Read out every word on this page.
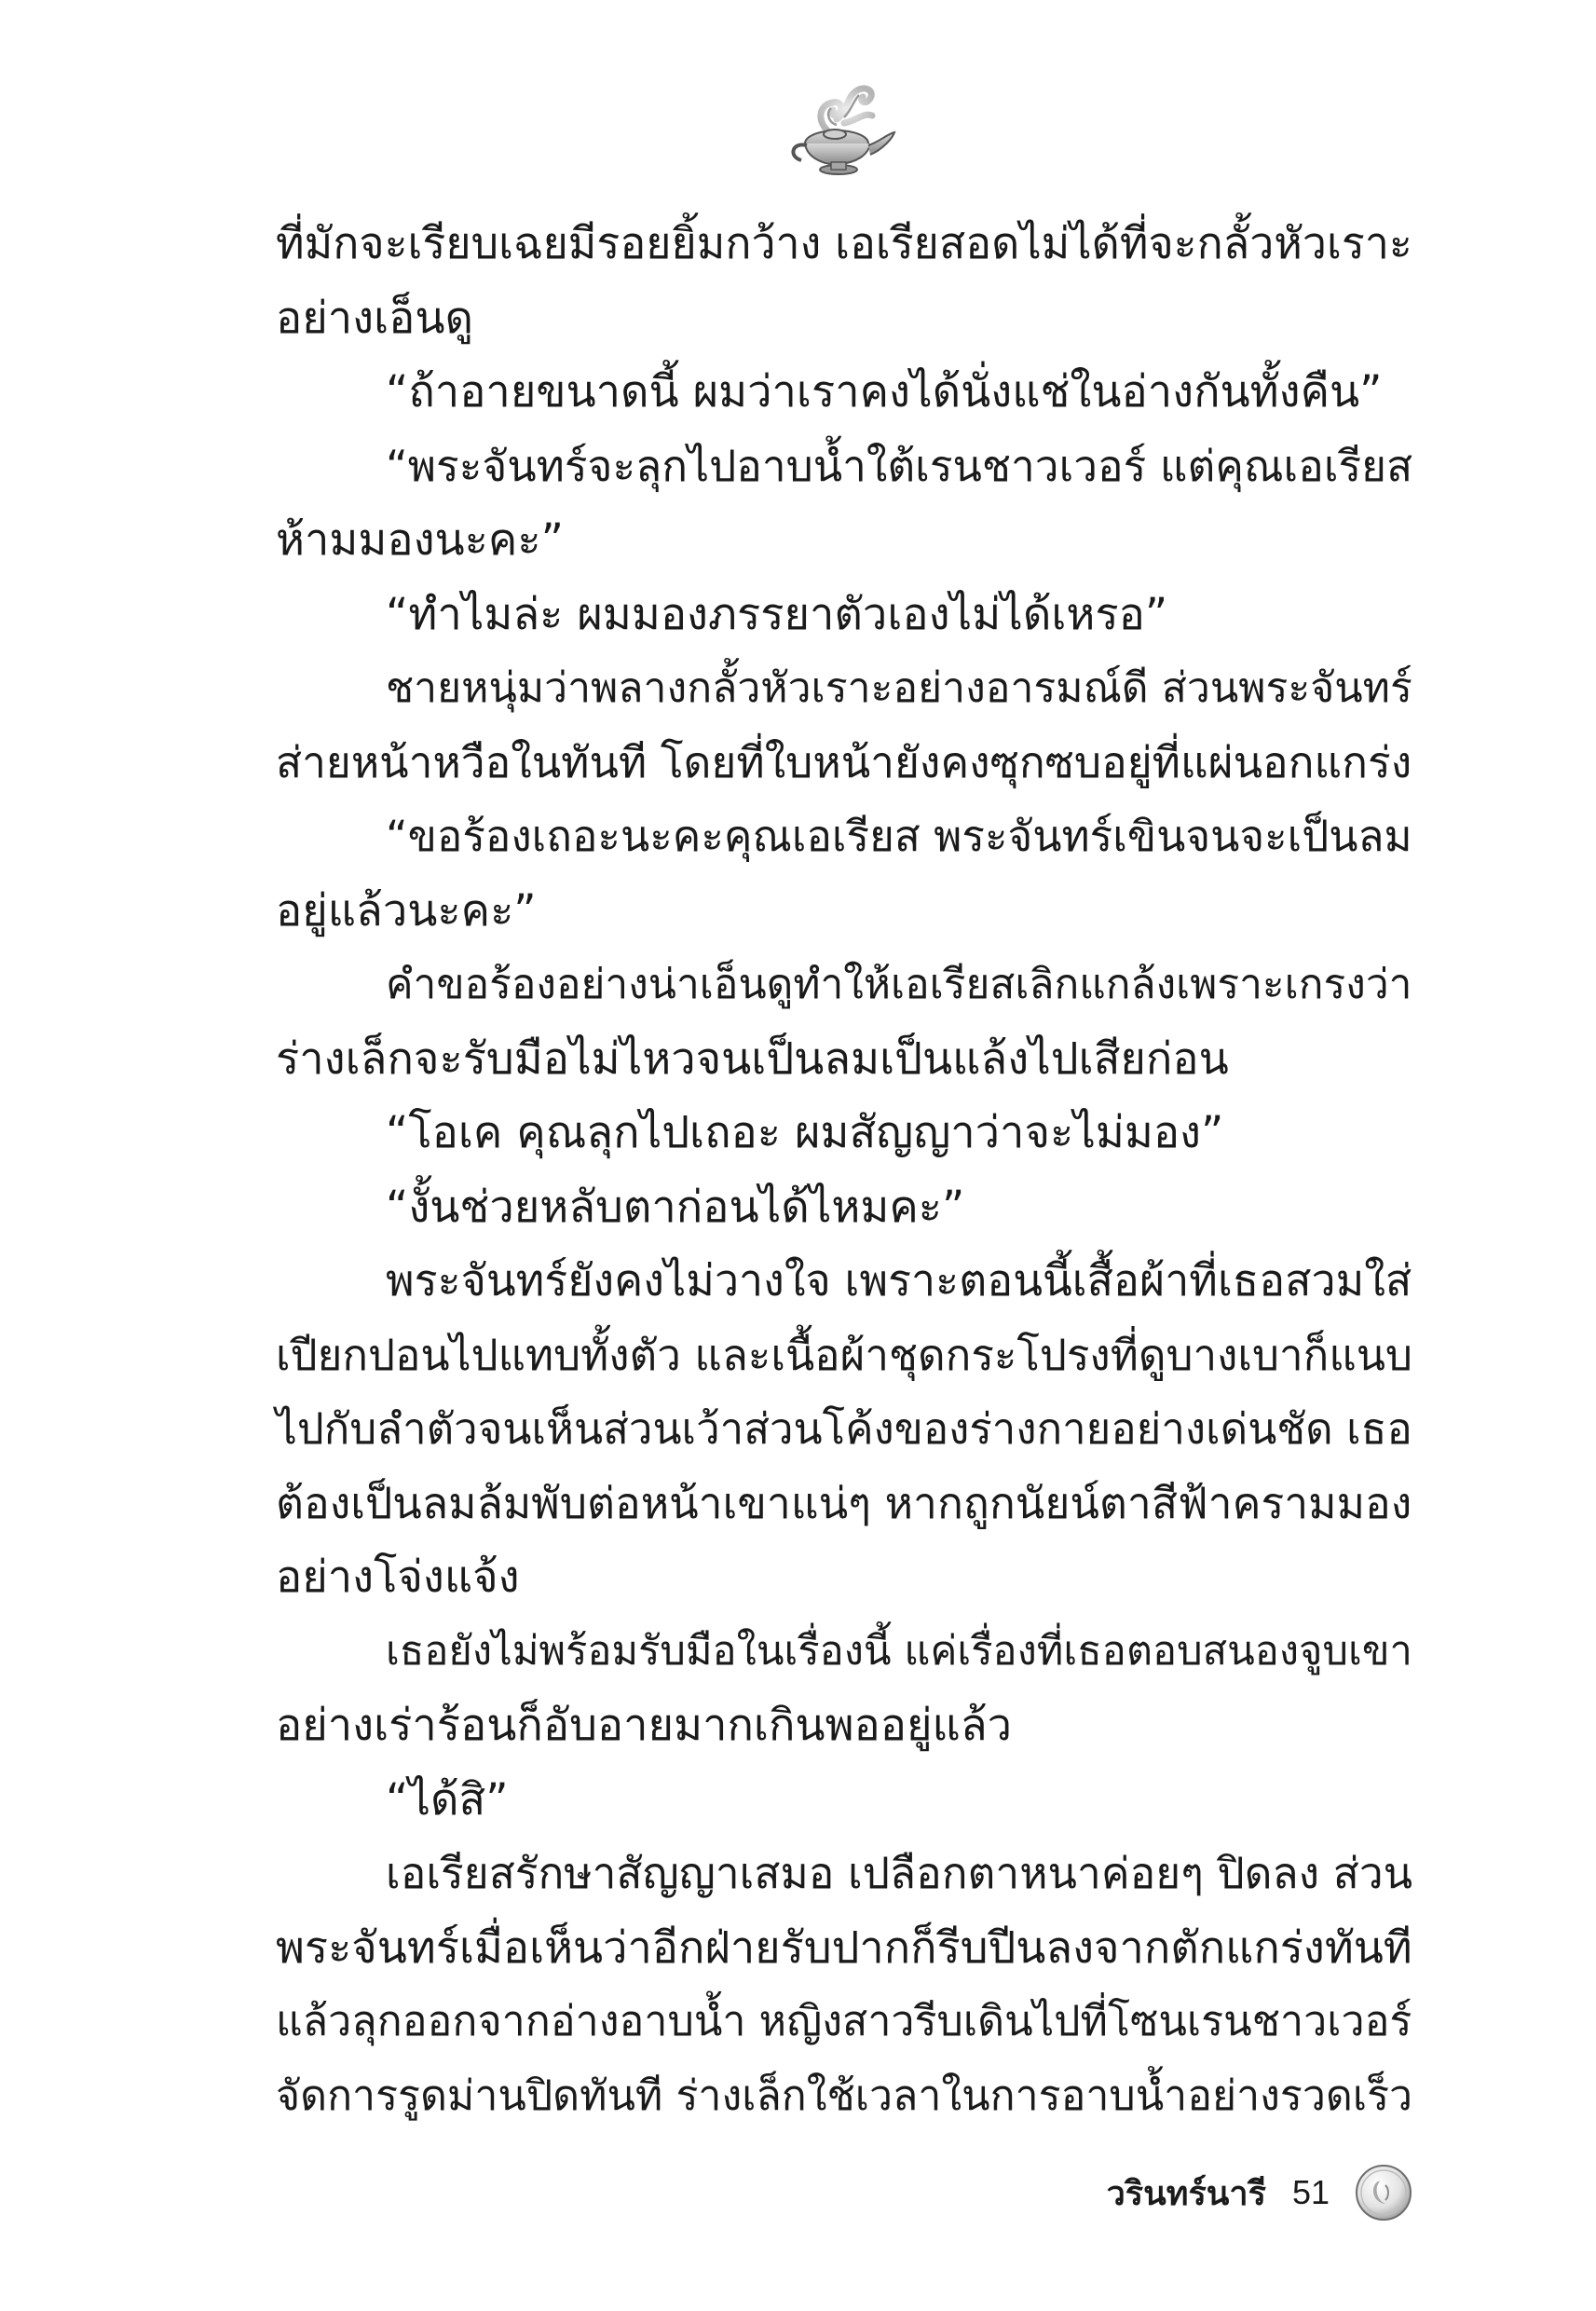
ที่มักจะเรียบเฉยมีรอยยิ้มกว้าง เอเรียสอดไม่ได้ที่จะกลั้วหัวเราะ
อย่างเอ็นดู
“ถ้าอายขนาดนี้ ผมว่าเราคงได้นั่งแช่ในอ่างกันทั้งคืน”
“พระจันทร์จะลุกไปอาบน้ำใต้เรนชาวเวอร์ แต่คุณเอเรียส
ห้ามมองนะคะ”
“ทำไมล่ะ ผมมองภรรยาตัวเองไม่ได้เหรอ”
ชายหนุ่มว่าพลางกลั้วหัวเราะอย่างอารมณ์ดี ส่วนพระจันทร์
ส่ายหน้าหวือในทันที โดยที่ใบหน้ายังคงซุกซบอยู่ที่แผ่นอกแกร่ง
“ขอร้องเถอะนะคะคุณเอเรียส พระจันทร์เขินจนจะเป็นลม
อยู่แล้วนะคะ”
คำขอร้องอย่างน่าเอ็นดูทำให้เอเรียสเลิกแกล้งเพราะเกรงว่า
ร่างเล็กจะรับมือไม่ไหวจนเป็นลมเป็นแล้งไปเสียก่อน
“โอเค คุณลุกไปเถอะ ผมสัญญาว่าจะไม่มอง”
“งั้นช่วยหลับตาก่อนได้ไหมคะ”
พระจันทร์ยังคงไม่วางใจ เพราะตอนนี้เสื้อผ้าที่เธอสวมใส่
เปียกปอนไปแทบทั้งตัว และเนื้อผ้าชุดกระโปรงที่ดูบางเบาก็แนบ
ไปกับลำตัวจนเห็นส่วนเว้าส่วนโค้งของร่างกายอย่างเด่นชัด เธอ
ต้องเป็นลมล้มพับต่อหน้าเขาแน่ๆ หากถูกนัยน์ตาสีฟ้าครามมอง
อย่างโจ่งแจ้ง
เธอยังไม่พร้อมรับมือในเรื่องนี้ แค่เรื่องที่เธอตอบสนองจูบเขา
อย่างเร่าร้อนก็อับอายมากเกินพออยู่แล้ว
“ได้สิ”
เอเรียสรักษาสัญญาเสมอ เปลือกตาหนาค่อยๆ ปิดลง ส่วน
พระจันทร์เมื่อเห็นว่าอีกฝ่ายรับปากก็รีบปีนลงจากตักแกร่งทันที
แล้วลุกออกจากอ่างอาบน้ำ หญิงสาวรีบเดินไปที่โซนเรนชาวเวอร์
จัดการรูดม่านปิดทันที ร่างเล็กใช้เวลาในการอาบน้ำอย่างรวดเร็ว
วรินทร์นารี 51
